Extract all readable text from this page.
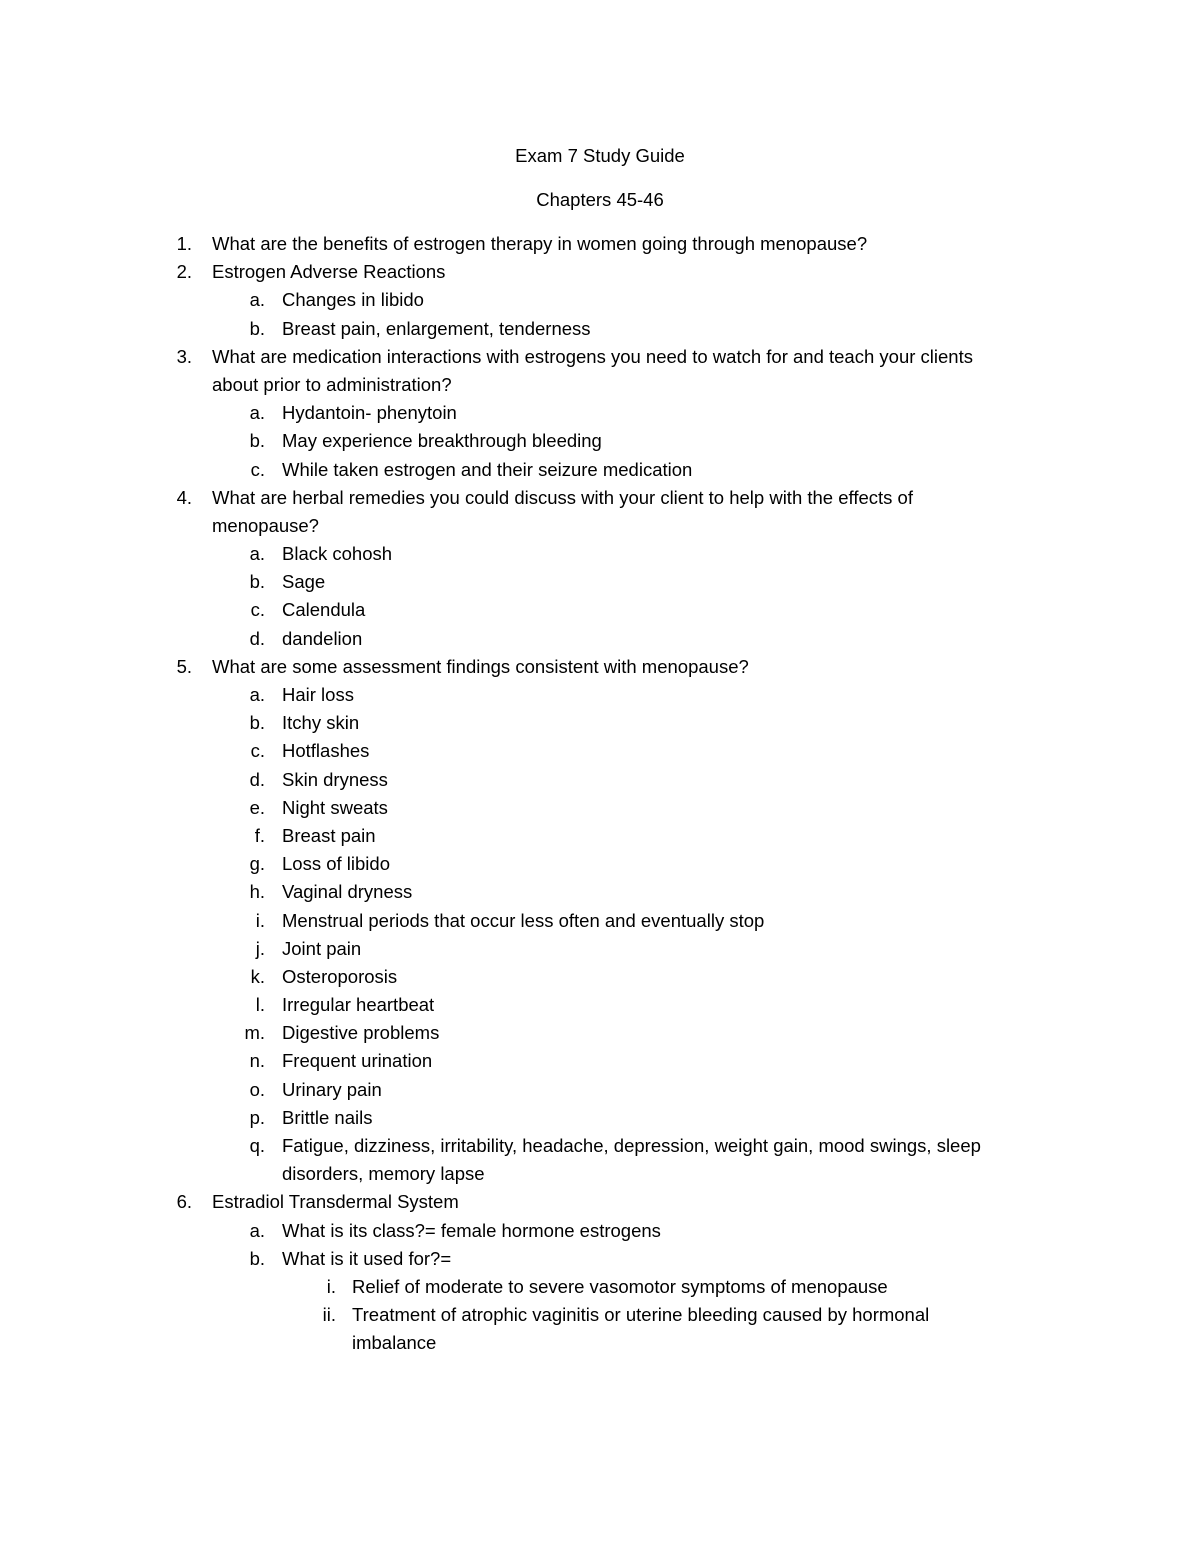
Exam 7 Study Guide
Chapters 45-46
1. What are the benefits of estrogen therapy in women going through menopause?
2. Estrogen Adverse Reactions
a. Changes in libido
b. Breast pain, enlargement, tenderness
3. What are medication interactions with estrogens you need to watch for and teach your clients
about prior to administration?
a. Hydantoin- phenytoin
b. May experience breakthrough bleeding
c. While taken estrogen and their seizure medication
4. What are herbal remedies you could discuss with your client to help with the effects of
menopause?
a. Black cohosh
b. Sage
c. Calendula
d. dandelion
5. What are some assessment findings consistent with menopause?
a. Hair loss
b. Itchy skin
c. Hotflashes
d. Skin dryness
e. Night sweats
f. Breast pain
g. Loss of libido
h. Vaginal dryness
i. Menstrual periods that occur less often and eventually stop
j. Joint pain
k. Osteroporosis
l. Irregular heartbeat
m. Digestive problems
n. Frequent urination
o. Urinary pain
p. Brittle nails
q. Fatigue, dizziness, irritability, headache, depression, weight gain, mood swings, sleep
disorders, memory lapse
6. Estradiol Transdermal System
a. What is its class?= female hormone estrogens
b. What is it used for?=
i. Relief of moderate to severe vasomotor symptoms of menopause
ii. Treatment of atrophic vaginitis or uterine bleeding caused by hormonal
imbalance
